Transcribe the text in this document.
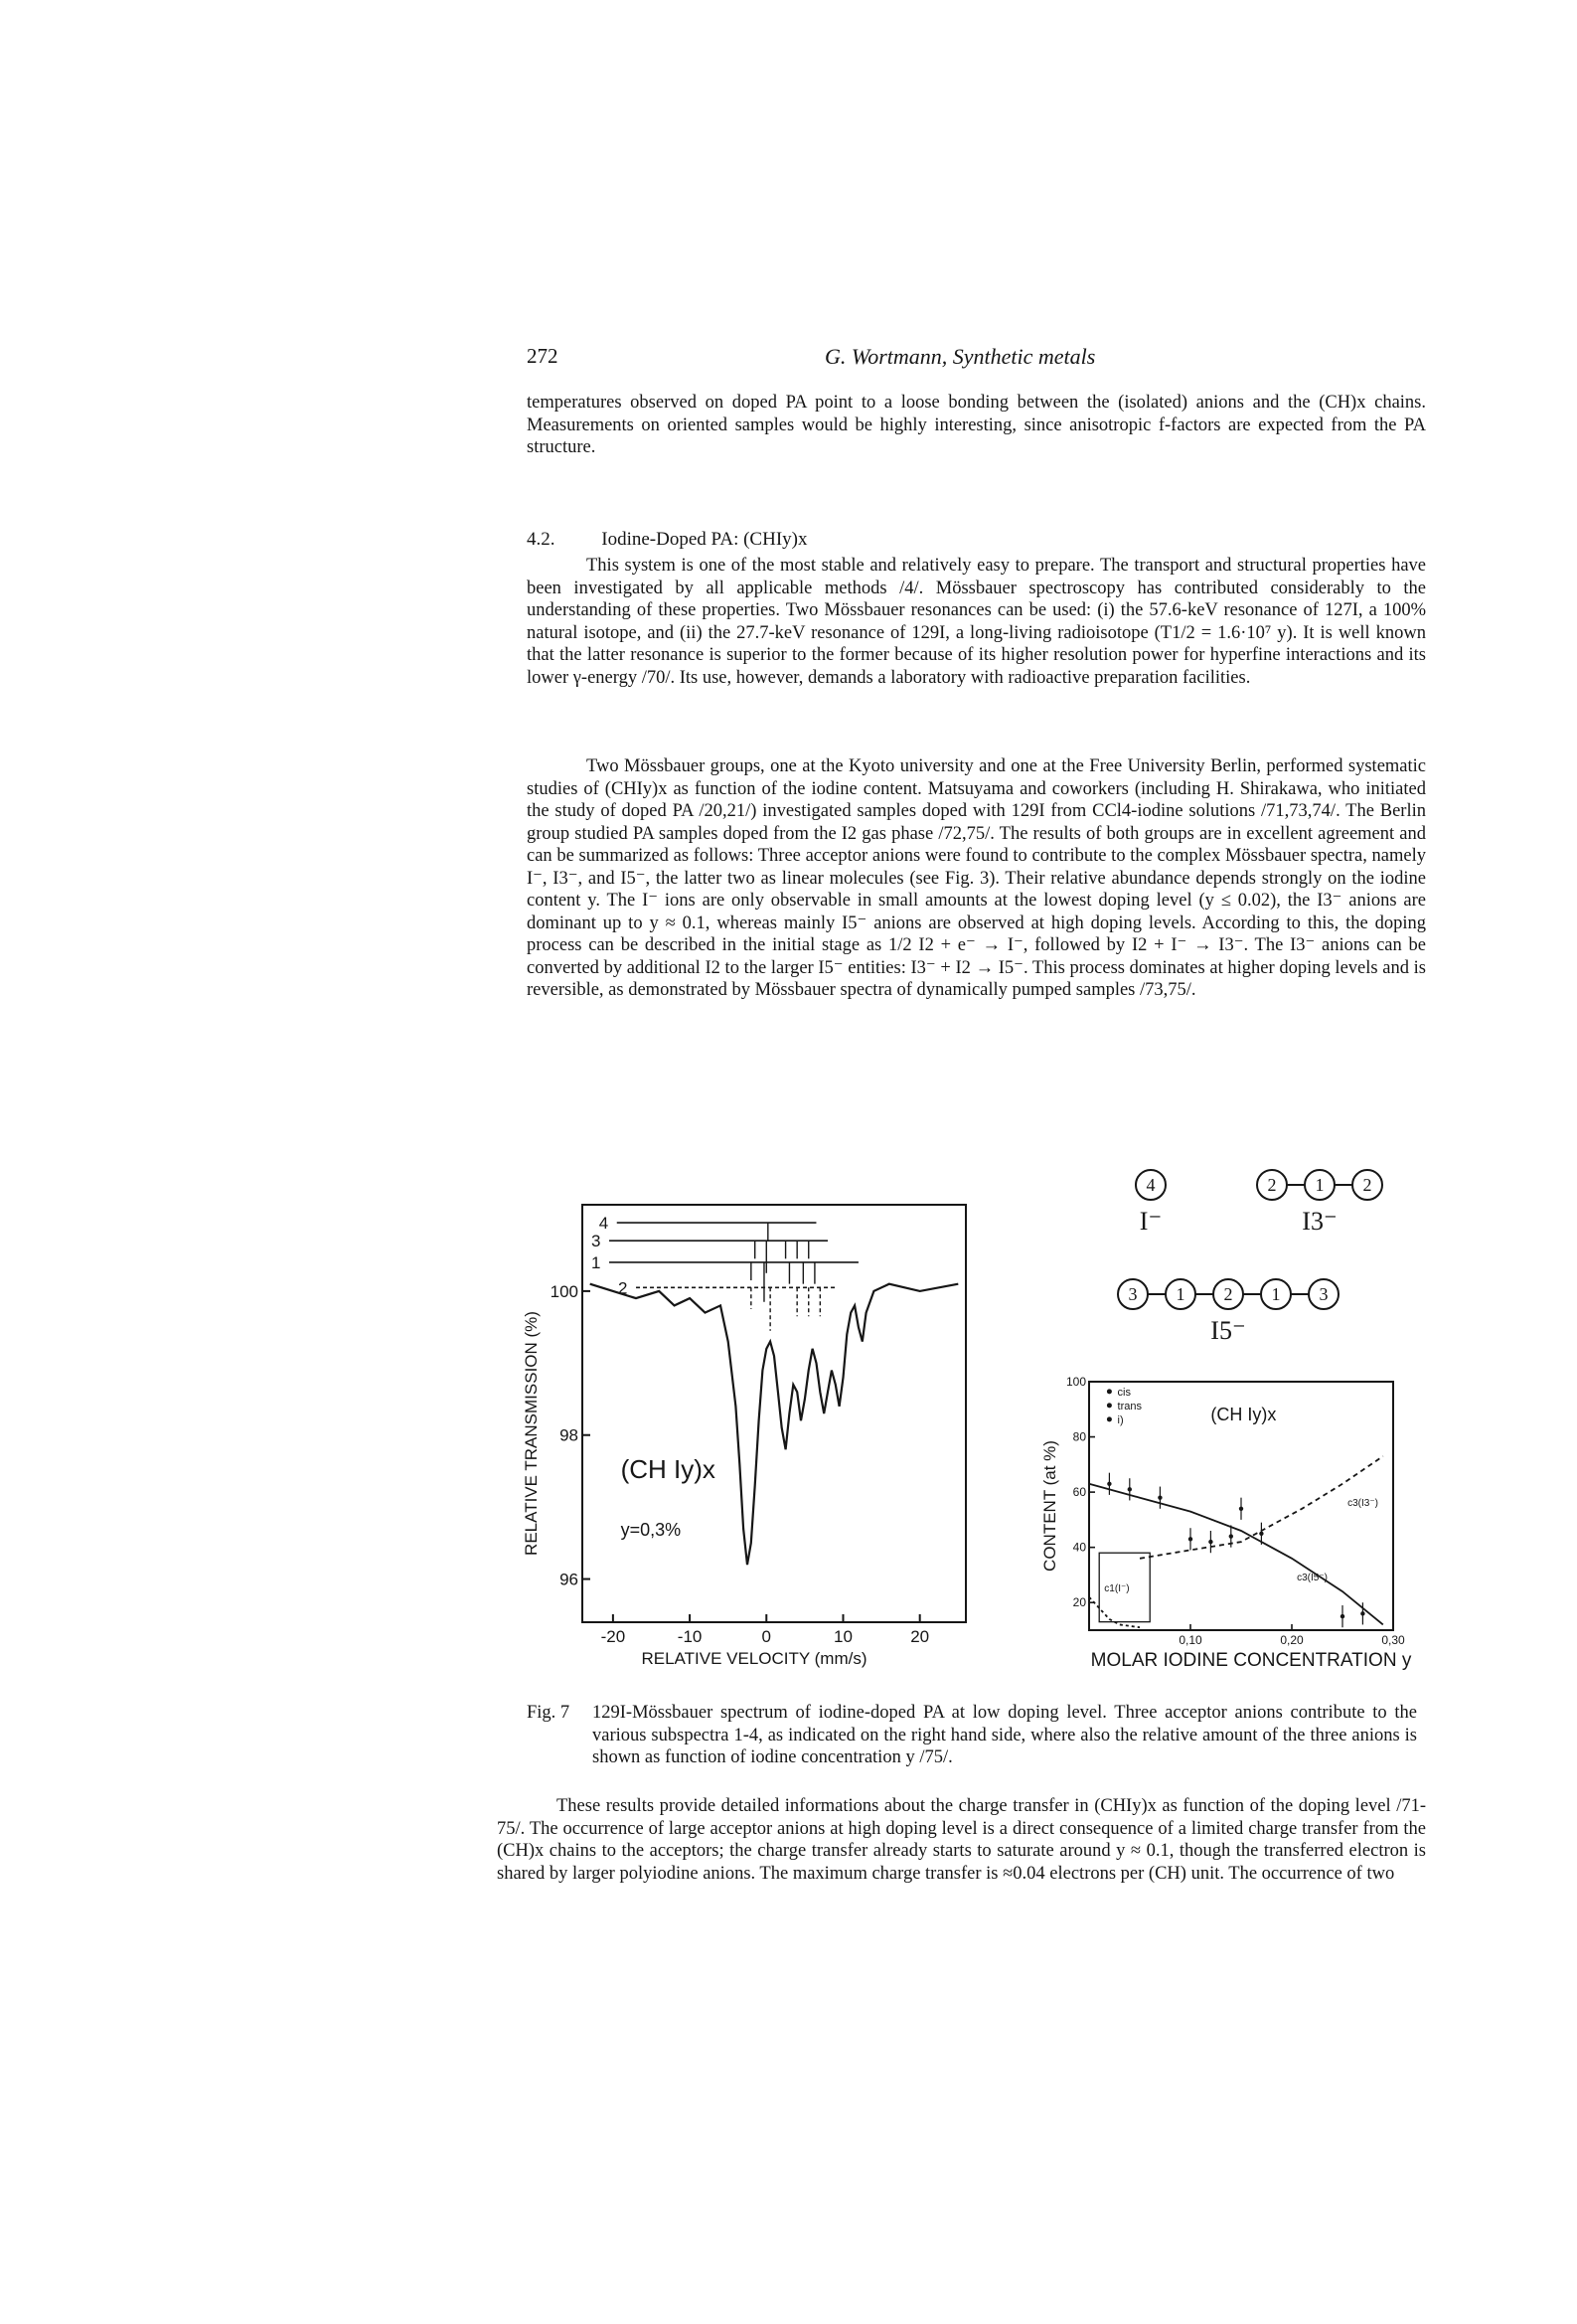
272	G. Wortmann, Synthetic metals

temperatures observed on doped PA point to a loose bonding between the (isolated) anions and the (CH)x chains. Measurements on oriented samples would be highly interesting, since anisotropic f-factors are expected from the PA structure.

4.2. Iodine-Doped PA: (CHIy)x

This system is one of the most stable and relatively easy to prepare. The transport and structural properties have been investigated by all applicable methods /4/. Mössbauer spectroscopy has contributed considerably to the understanding of these properties. Two Mössbauer resonances can be used: (i) the 57.6-keV resonance of 127I, a 100% natural isotope, and (ii) the 27.7-keV resonance of 129I, a long-living radioisotope (T1/2 = 1.6·10⁷ y). It is well known that the latter resonance is superior to the former because of its higher resolution power for hyperfine interactions and its lower γ-energy /70/. Its use, however, demands a laboratory with radioactive preparation facilities.

Two Mössbauer groups, one at the Kyoto university and one at the Free University Berlin, performed systematic studies of (CHIy)x as function of the iodine content. Matsuyama and coworkers (including H. Shirakawa, who initiated the study of doped PA /20,21/) investigated samples doped with 129I from CCl4-iodine solutions /71,73,74/. The Berlin group studied PA samples doped from the I2 gas phase /72,75/. The results of both groups are in excellent agreement and can be summarized as follows: Three acceptor anions were found to contribute to the complex Mössbauer spectra, namely I⁻, I3⁻, and I5⁻, the latter two as linear molecules (see Fig. 3). Their relative abundance depends strongly on the iodine content y. The I⁻ ions are only observable in small amounts at the lowest doping level (y ≤ 0.02), the I3⁻ anions are dominant up to y ≈ 0.1, whereas mainly I5⁻ anions are observed at high doping levels. According to this, the doping process can be described in the initial stage as 1/2 I2 + e⁻ → I⁻, followed by I2 + I⁻ → I3⁻. The I3⁻ anions can be converted by additional I2 to the larger I5⁻ entities: I3⁻ + I2 → I5⁻. This process dominates at higher doping levels and is reversible, as demonstrated by Mössbauer spectra of dynamically pumped samples /73,75/.

-20	-10	0	10	20
96
98
100
RELATIVE VELOCITY (mm/s)
RELATIVE TRANSMISSION (%)	(CH Iy)x
y=0,3%
4
3
1
2
4
I⁻
2 1 2
I3⁻
3 1 2 1 3
I5⁻
0,10	0,20	0,30
20
40
60
80
100
MOLAR IODINE CONCENTRATION y
CONTENT (at %)
(CH Iy)x
cis
trans
i)
c3(I5⁻)
c3(I3⁻)
c1(I⁻)
Fig. 7 129I-Mössbauer spectrum of iodine-doped PA at low doping level. Three acceptor anions contribute to the various subspectra 1-4, as indicated on the right hand side, where also the relative amount of the three anions is shown as function of iodine concentration y /75/.

These results provide detailed informations about the charge transfer in (CHIy)x as function of the doping level /71-75/. The occurrence of large acceptor anions at high doping level is a direct consequence of a limited charge transfer from the (CH)x chains to the acceptors; the charge transfer already starts to saturate around y ≈ 0.1, though the transferred electron is shared by larger polyiodine anions. The maximum charge transfer is ≈0.04 electrons per (CH) unit. The occurrence of two
